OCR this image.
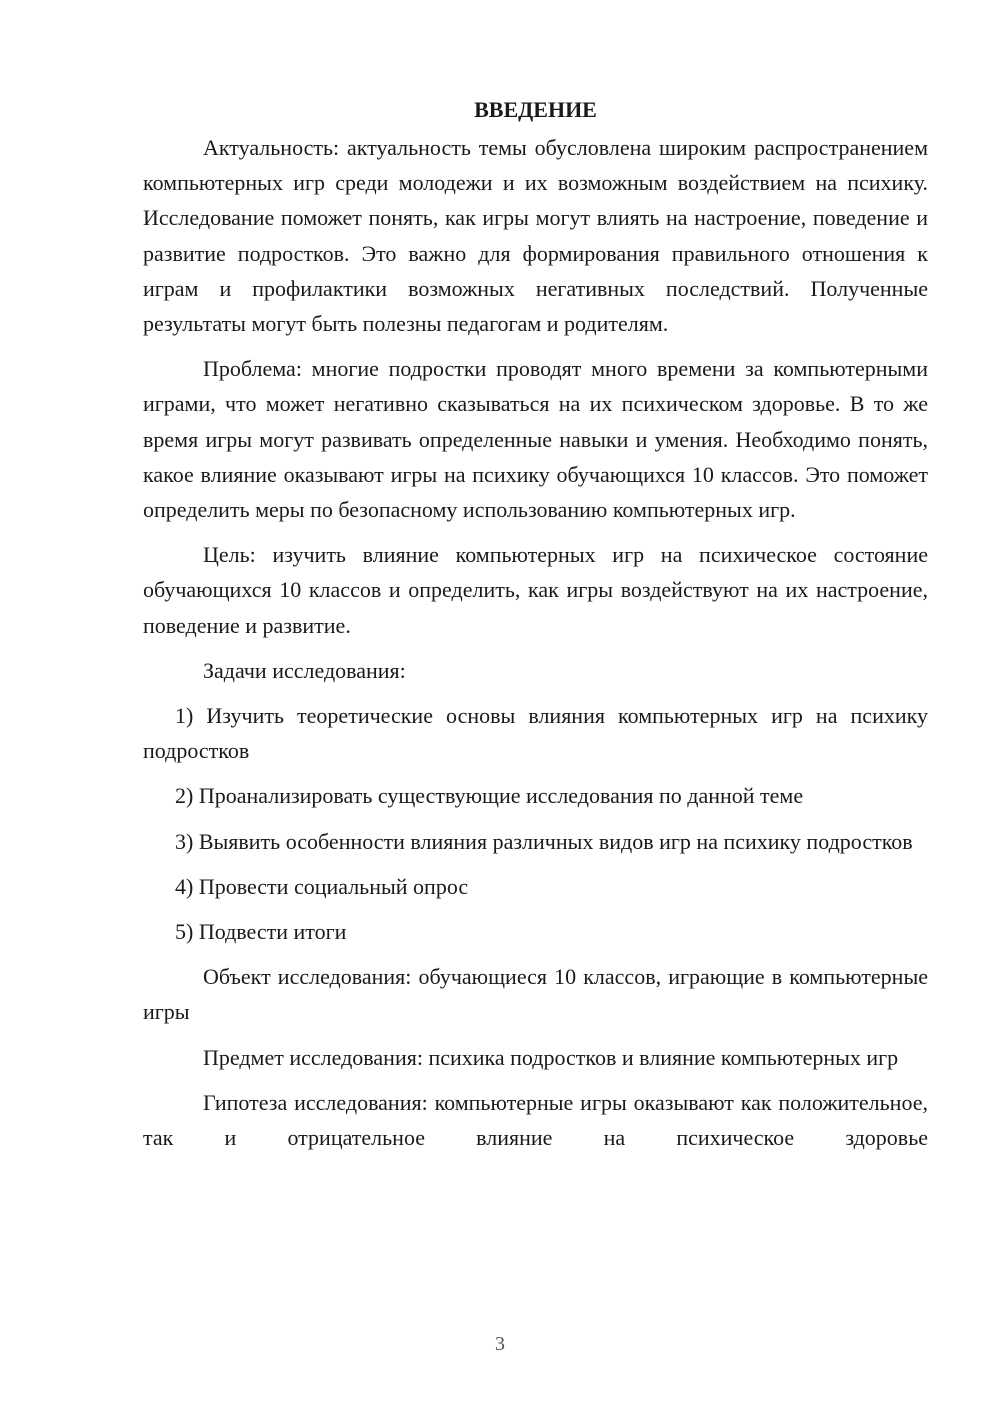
ВВЕДЕНИЕ

Актуальность: актуальность темы обусловлена широким распространением компьютерных игр среди молодежи и их возможным воздействием на психику. Исследование поможет понять, как игры могут влиять на настроение, поведение и развитие подростков. Это важно для формирования правильного отношения к играм и профилактики возможных негативных последствий. Полученные результаты могут быть полезны педагогам и родителям.

Проблема: многие подростки проводят много времени за компьютерными играми, что может негативно сказываться на их психическом здоровье. В то же время игры могут развивать определенные навыки и умения. Необходимо понять, какое влияние оказывают игры на психику обучающихся 10 классов. Это поможет определить меры по безопасному использованию компьютерных игр.

Цель: изучить влияние компьютерных игр на психическое состояние обучающихся 10 классов и определить, как игры воздействуют на их настроение, поведение и развитие.

Задачи исследования:

1) Изучить теоретические основы влияния компьютерных игр на психику подростков

2) Проанализировать существующие исследования по данной теме

3) Выявить особенности влияния различных видов игр на психику подростков

4) Провести социальный опрос

5) Подвести итоги

Объект исследования: обучающиеся 10 классов, играющие в компьютерные игры

Предмет исследования: психика подростков и влияние компьютерных игр

Гипотеза исследования: компьютерные игры оказывают как положительное, так и отрицательное влияние на психическое здоровье

3
